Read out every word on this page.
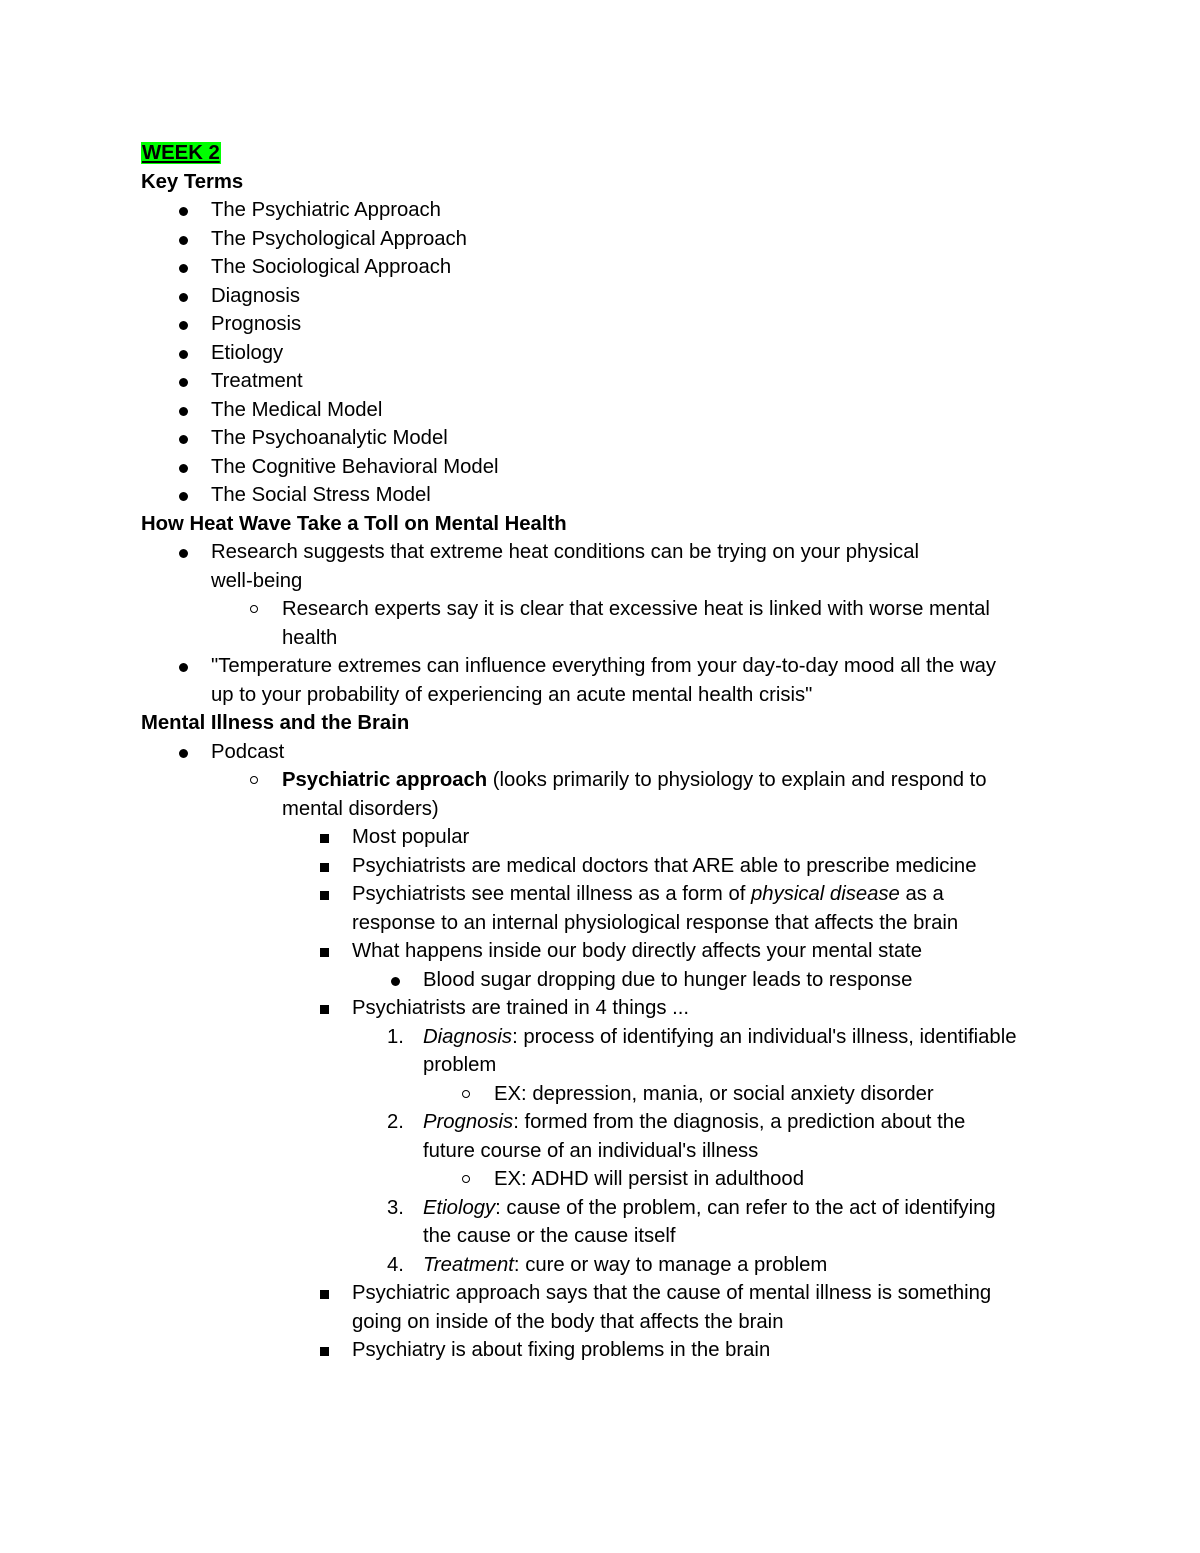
WEEK 2
Key Terms
The Psychiatric Approach
The Psychological Approach
The Sociological Approach
Diagnosis
Prognosis
Etiology
Treatment
The Medical Model
The Psychoanalytic Model
The Cognitive Behavioral Model
The Social Stress Model
How Heat Wave Take a Toll on Mental Health
Research suggests that extreme heat conditions can be trying on your physical
well-being
Research experts say it is clear that excessive heat is linked with worse mental
health
"Temperature extremes can influence everything from your day-to-day mood all the way
up to your probability of experiencing an acute mental health crisis"
Mental Illness and the Brain
Podcast
Psychiatric approach (looks primarily to physiology to explain and respond to
mental disorders)
Most popular
Psychiatrists are medical doctors that ARE able to prescribe medicine
Psychiatrists see mental illness as a form of physical disease as a
response to an internal physiological response that affects the brain
What happens inside our body directly affects your mental state
Blood sugar dropping due to hunger leads to response
Psychiatrists are trained in 4 things ...
1. Diagnosis: process of identifying an individual's illness, identifiable
problem
EX: depression, mania, or social anxiety disorder
2. Prognosis: formed from the diagnosis, a prediction about the
future course of an individual's illness
EX: ADHD will persist in adulthood
3. Etiology: cause of the problem, can refer to the act of identifying
the cause or the cause itself
4. Treatment: cure or way to manage a problem
Psychiatric approach says that the cause of mental illness is something
going on inside of the body that affects the brain
Psychiatry is about fixing problems in the brain
